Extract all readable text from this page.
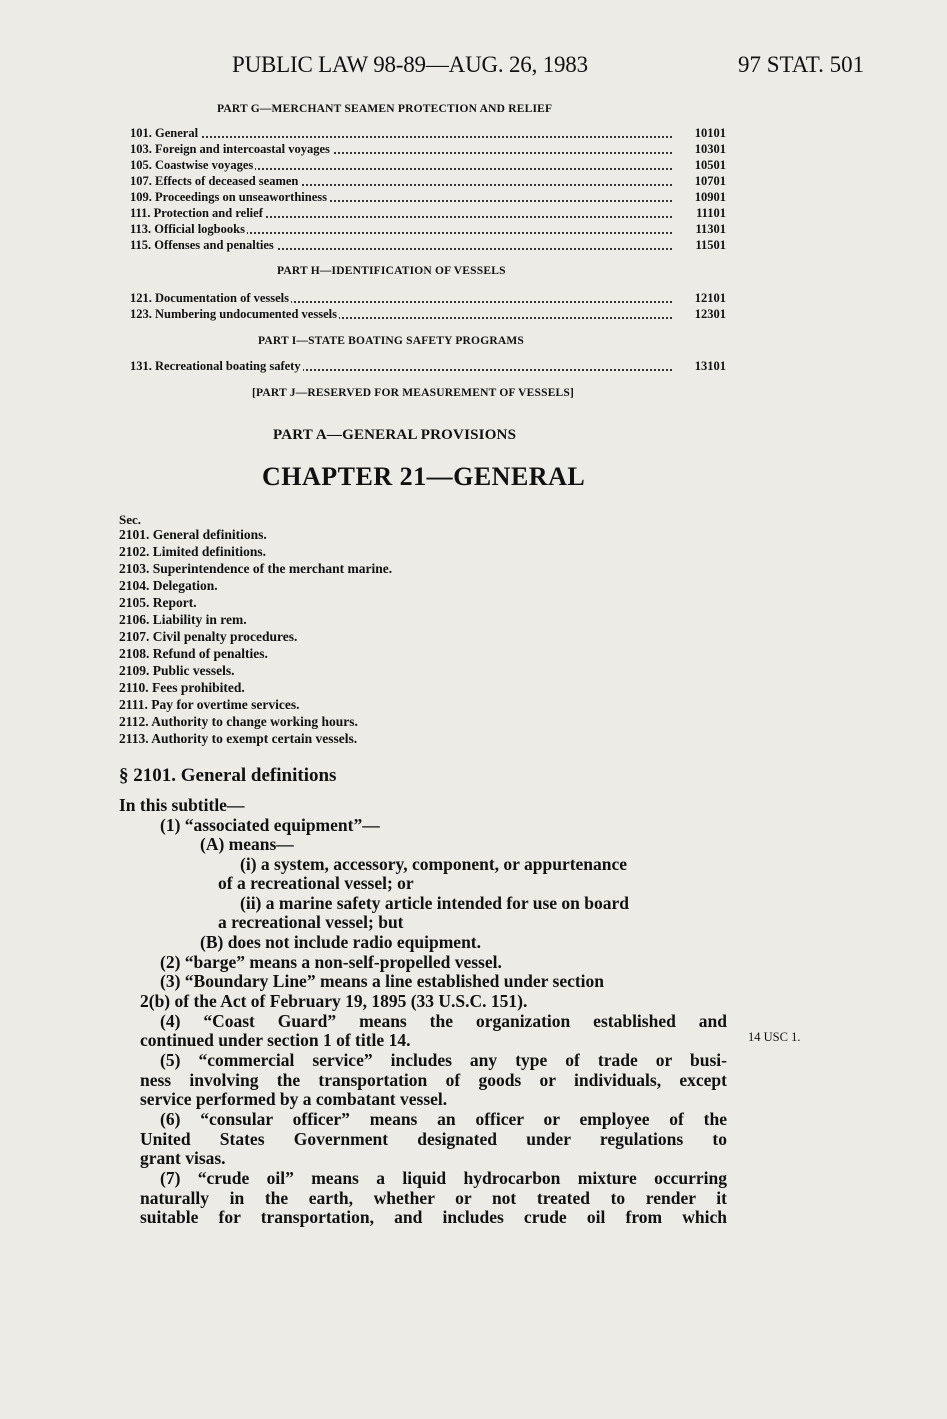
PUBLIC LAW 98-89—AUG. 26, 1983	97 STAT. 501
PART G—MERCHANT SEAMEN PROTECTION AND RELIEF
101. General	10101
103. Foreign and intercoastal voyages	10301
105. Coastwise voyages	10501
107. Effects of deceased seamen	10701
109. Proceedings on unseaworthiness	10901
111. Protection and relief	11101
113. Official logbooks	11301
115. Offenses and penalties	11501
PART H—IDENTIFICATION OF VESSELS
121. Documentation of vessels	12101
123. Numbering undocumented vessels	12301
PART I—STATE BOATING SAFETY PROGRAMS
131. Recreational boating safety	13101
[PART J—RESERVED FOR MEASUREMENT OF VESSELS]
PART A—GENERAL PROVISIONS
CHAPTER 21—GENERAL
Sec.
2101. General definitions.
2102. Limited definitions.
2103. Superintendence of the merchant marine.
2104. Delegation.
2105. Report.
2106. Liability in rem.
2107. Civil penalty procedures.
2108. Refund of penalties.
2109. Public vessels.
2110. Fees prohibited.
2111. Pay for overtime services.
2112. Authority to change working hours.
2113. Authority to exempt certain vessels.
§ 2101. General definitions
In this subtitle—
(1) “associated equipment”—
(A) means—
(i) a system, accessory, component, or appurtenance
of a recreational vessel; or
(ii) a marine safety article intended for use on board
a recreational vessel; but
(B) does not include radio equipment.
(2) “barge” means a non-self-propelled vessel.
(3) “Boundary Line” means a line established under section
2(b) of the Act of February 19, 1895 (33 U.S.C. 151).
(4) “Coast Guard” means the organization established and
continued under section 1 of title 14.
(5) “commercial service” includes any type of trade or busi-
ness involving the transportation of goods or individuals, except
service performed by a combatant vessel.
(6) “consular officer” means an officer or employee of the
United States Government designated under regulations to
grant visas.
(7) “crude oil” means a liquid hydrocarbon mixture occurring
naturally in the earth, whether or not treated to render it
suitable for transportation, and includes crude oil from which
14 USC 1.
